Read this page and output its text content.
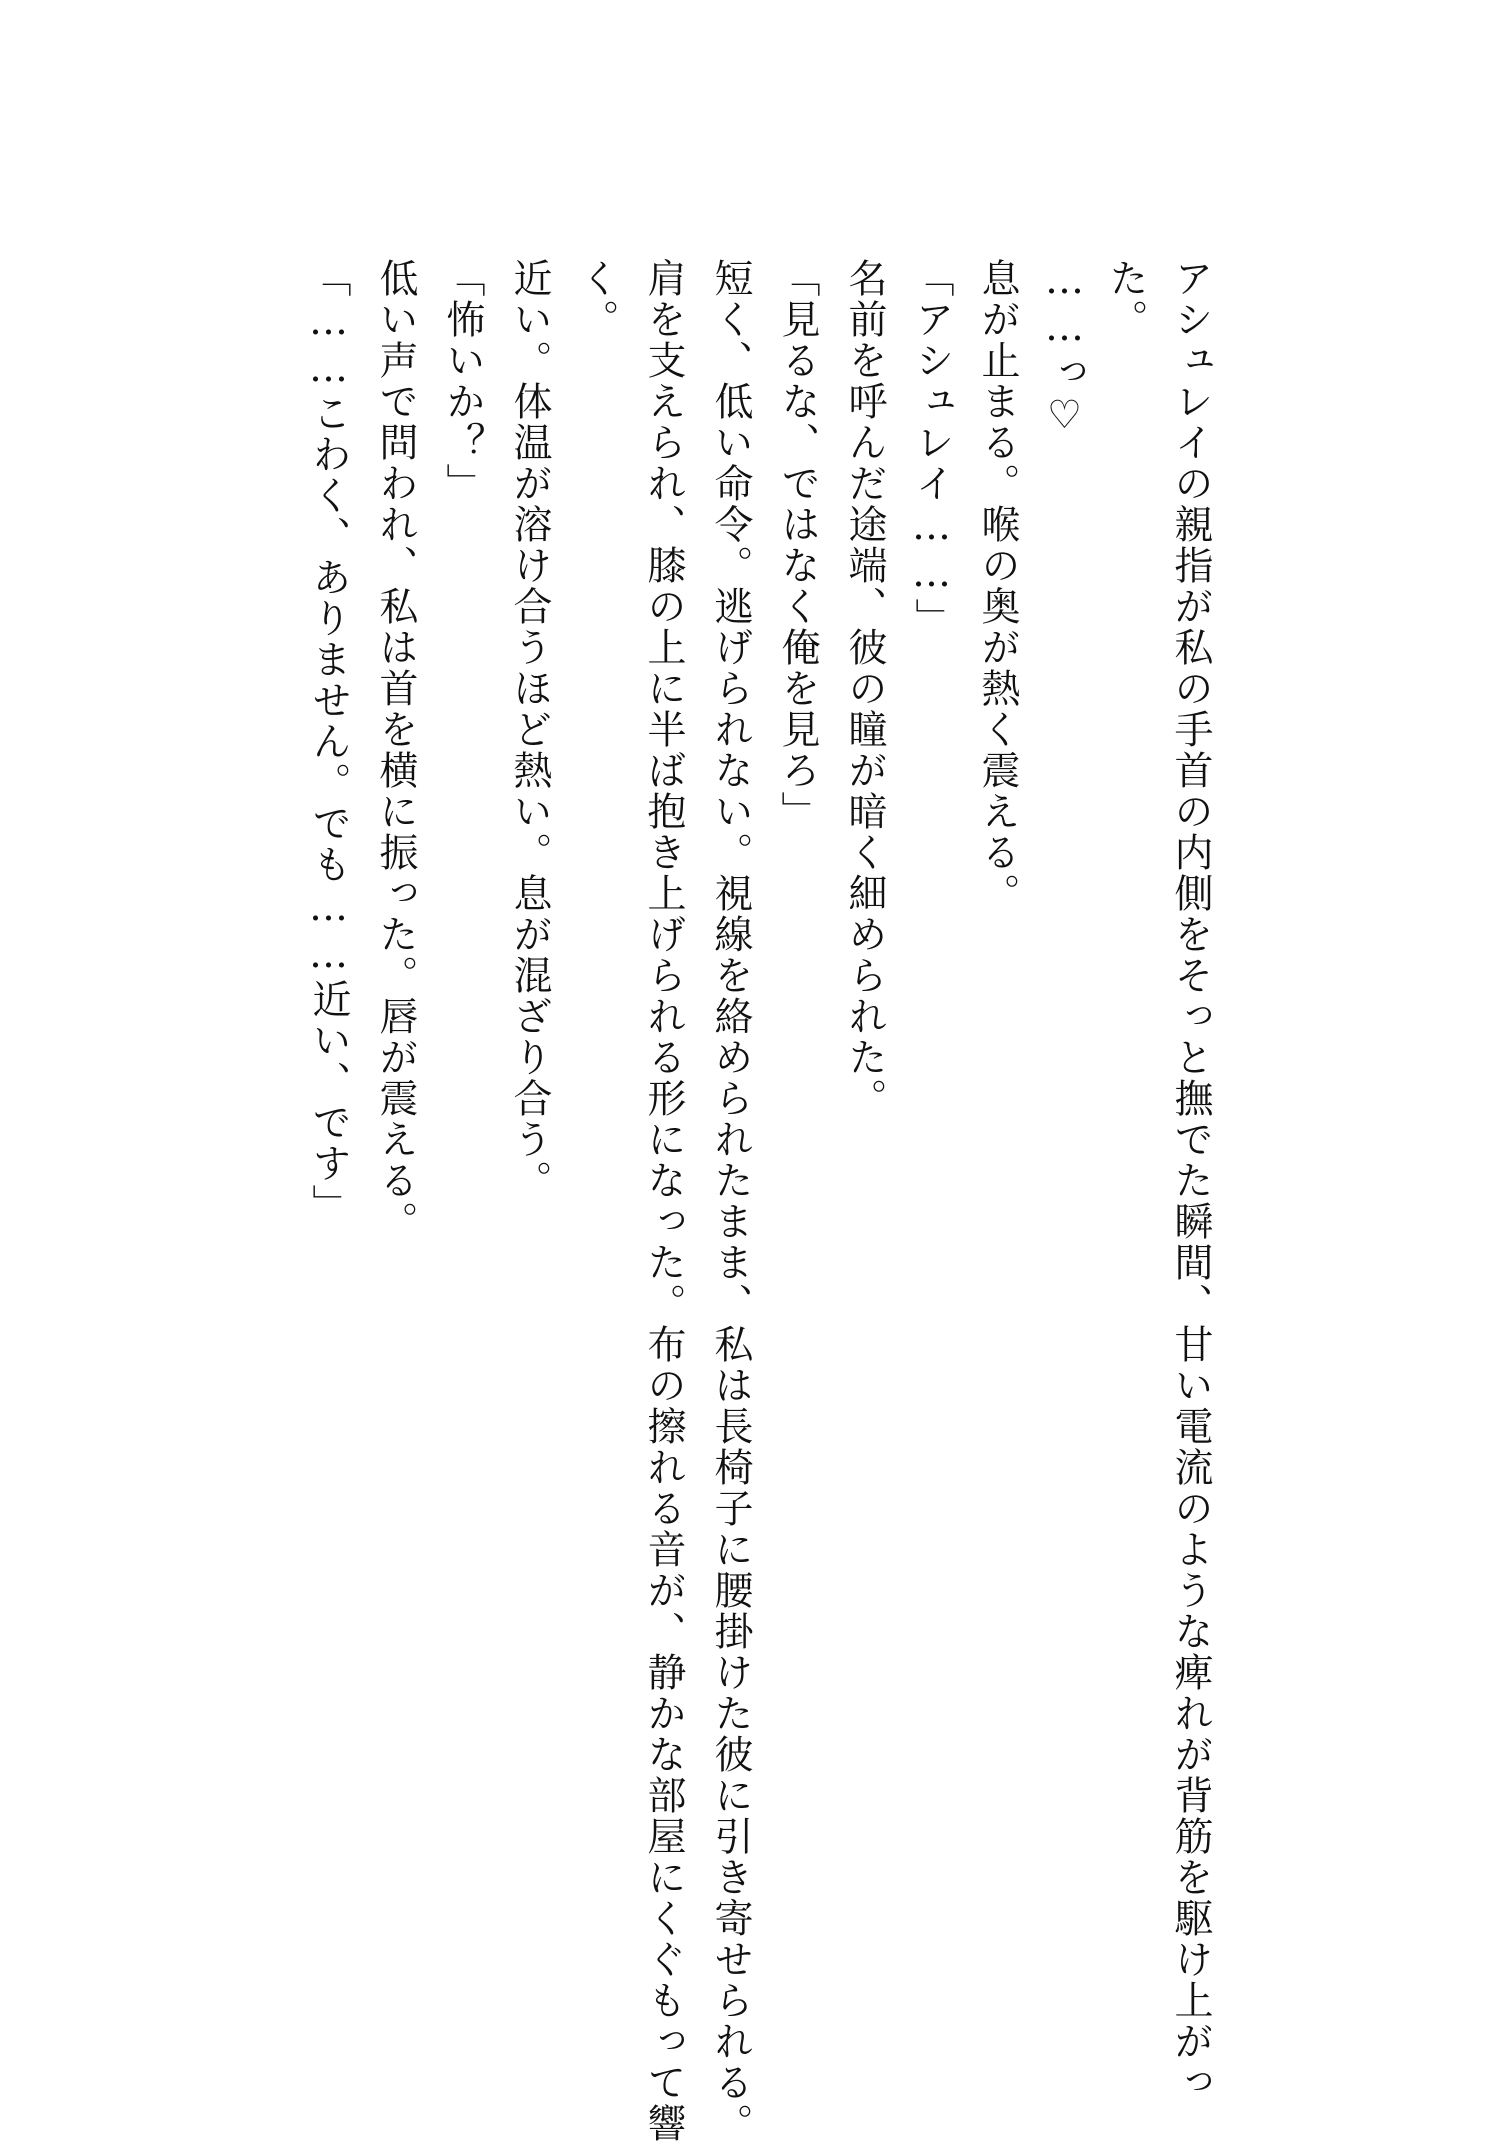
アシュレイの親指が私の手首の内側をそっと撫でた瞬間、甘い電流のような痺れが背筋を駆け上がっ
た。
……っ♡
息が止まる。喉の奥が熱く震える。
「アシュレイ……」
名前を呼んだ途端、彼の瞳が暗く細められた。
「見るな、ではなく俺を見ろ」
短く、低い命令。逃げられない。視線を絡められたまま、私は長椅子に腰掛けた彼に引き寄せられる。
肩を支えられ、膝の上に半ば抱き上げられる形になった。布の擦れる音が、静かな部屋にくぐもって響
く。
近い。体温が溶け合うほど熱い。息が混ざり合う。
「怖いか？」
低い声で問われ、私は首を横に振った。唇が震える。
「……こわく、ありません。でも……近い、です」
